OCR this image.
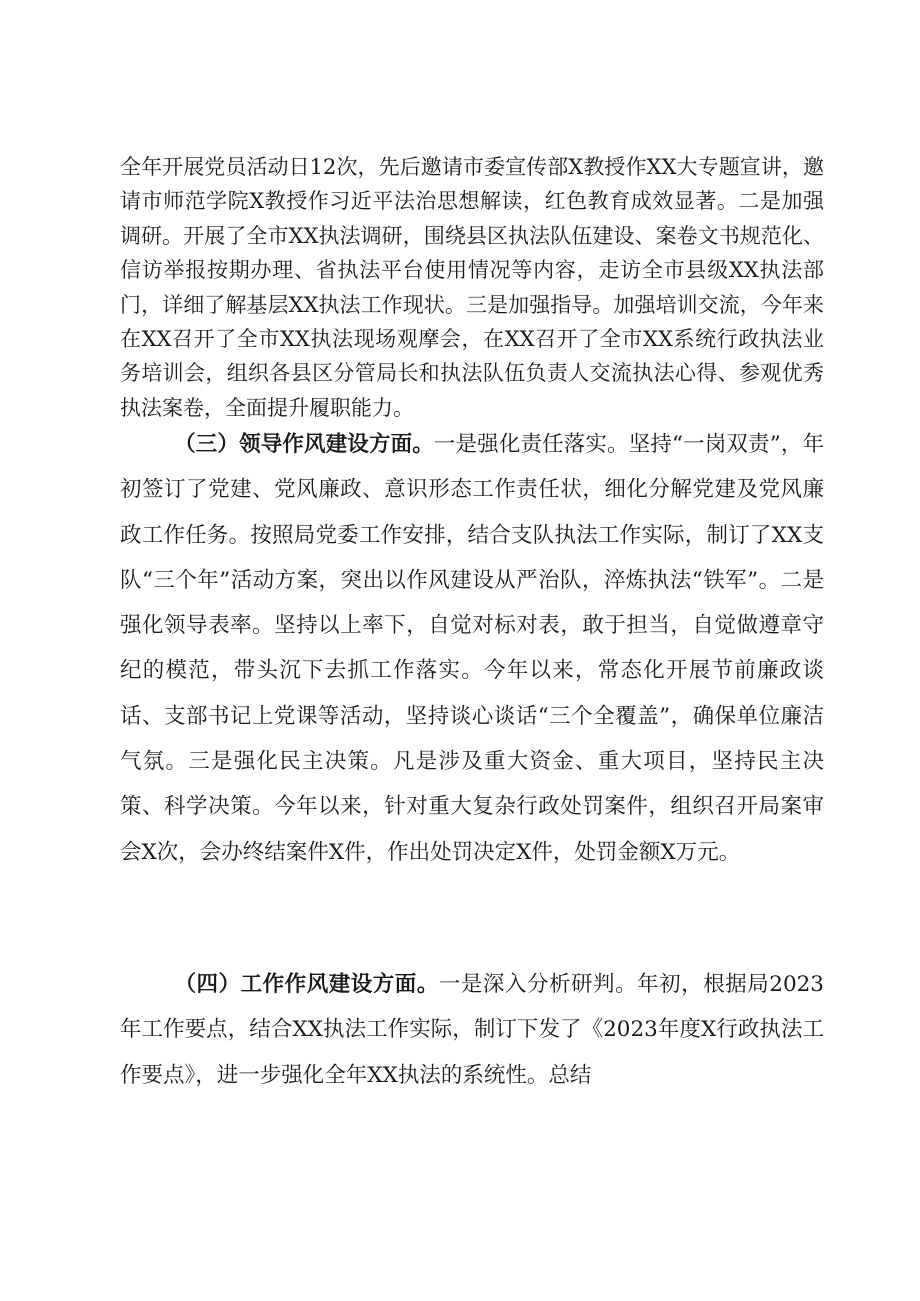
全年开展党员活动日12次，先后邀请市委宣传部X教授作XX大专题宣讲，邀请市师范学院X教授作习近平法治思想解读，红色教育成效显著。二是加强调研。开展了全市XX执法调研，围绕县区执法队伍建设、案卷文书规范化、信访举报按期办理、省执法平台使用情况等内容，走访全市县级XX执法部门，详细了解基层XX执法工作现状。三是加强指导。加强培训交流，今年来在XX召开了全市XX执法现场观摩会，在XX召开了全市XX系统行政执法业务培训会，组织各县区分管局长和执法队伍负责人交流执法心得、参观优秀执法案卷，全面提升履职能力。

（三）领导作风建设方面。一是强化责任落实。坚持“一岗双责”，年初签订了党建、党风廉政、意识形态工作责任状，细化分解党建及党风廉政工作任务。按照局党委工作安排，结合支队执法工作实际，制订了XX支队“三个年”活动方案，突出以作风建设从严治队，淬炼执法“铁军”。二是强化领导表率。坚持以上率下，自觉对标对表，敢于担当，自觉做遵章守纪的模范，带头沉下去抓工作落实。今年以来，常态化开展节前廉政谈话、支部书记上党课等活动，坚持谈心谈话“三个全覆盖”，确保单位廉洁气氛。三是强化民主决策。凡是涉及重大资金、重大项目，坚持民主决策、科学决策。今年以来，针对重大复杂行政处罚案件，组织召开局案审会X次，会办终结案件X件，作出处罚决定X件，处罚金额X万元。

（四）工作作风建设方面。一是深入分析研判。年初，根据局2023年工作要点，结合XX执法工作实际，制订下发了《2023年度X行政执法工作要点》，进一步强化全年XX执法的系统性。总结
